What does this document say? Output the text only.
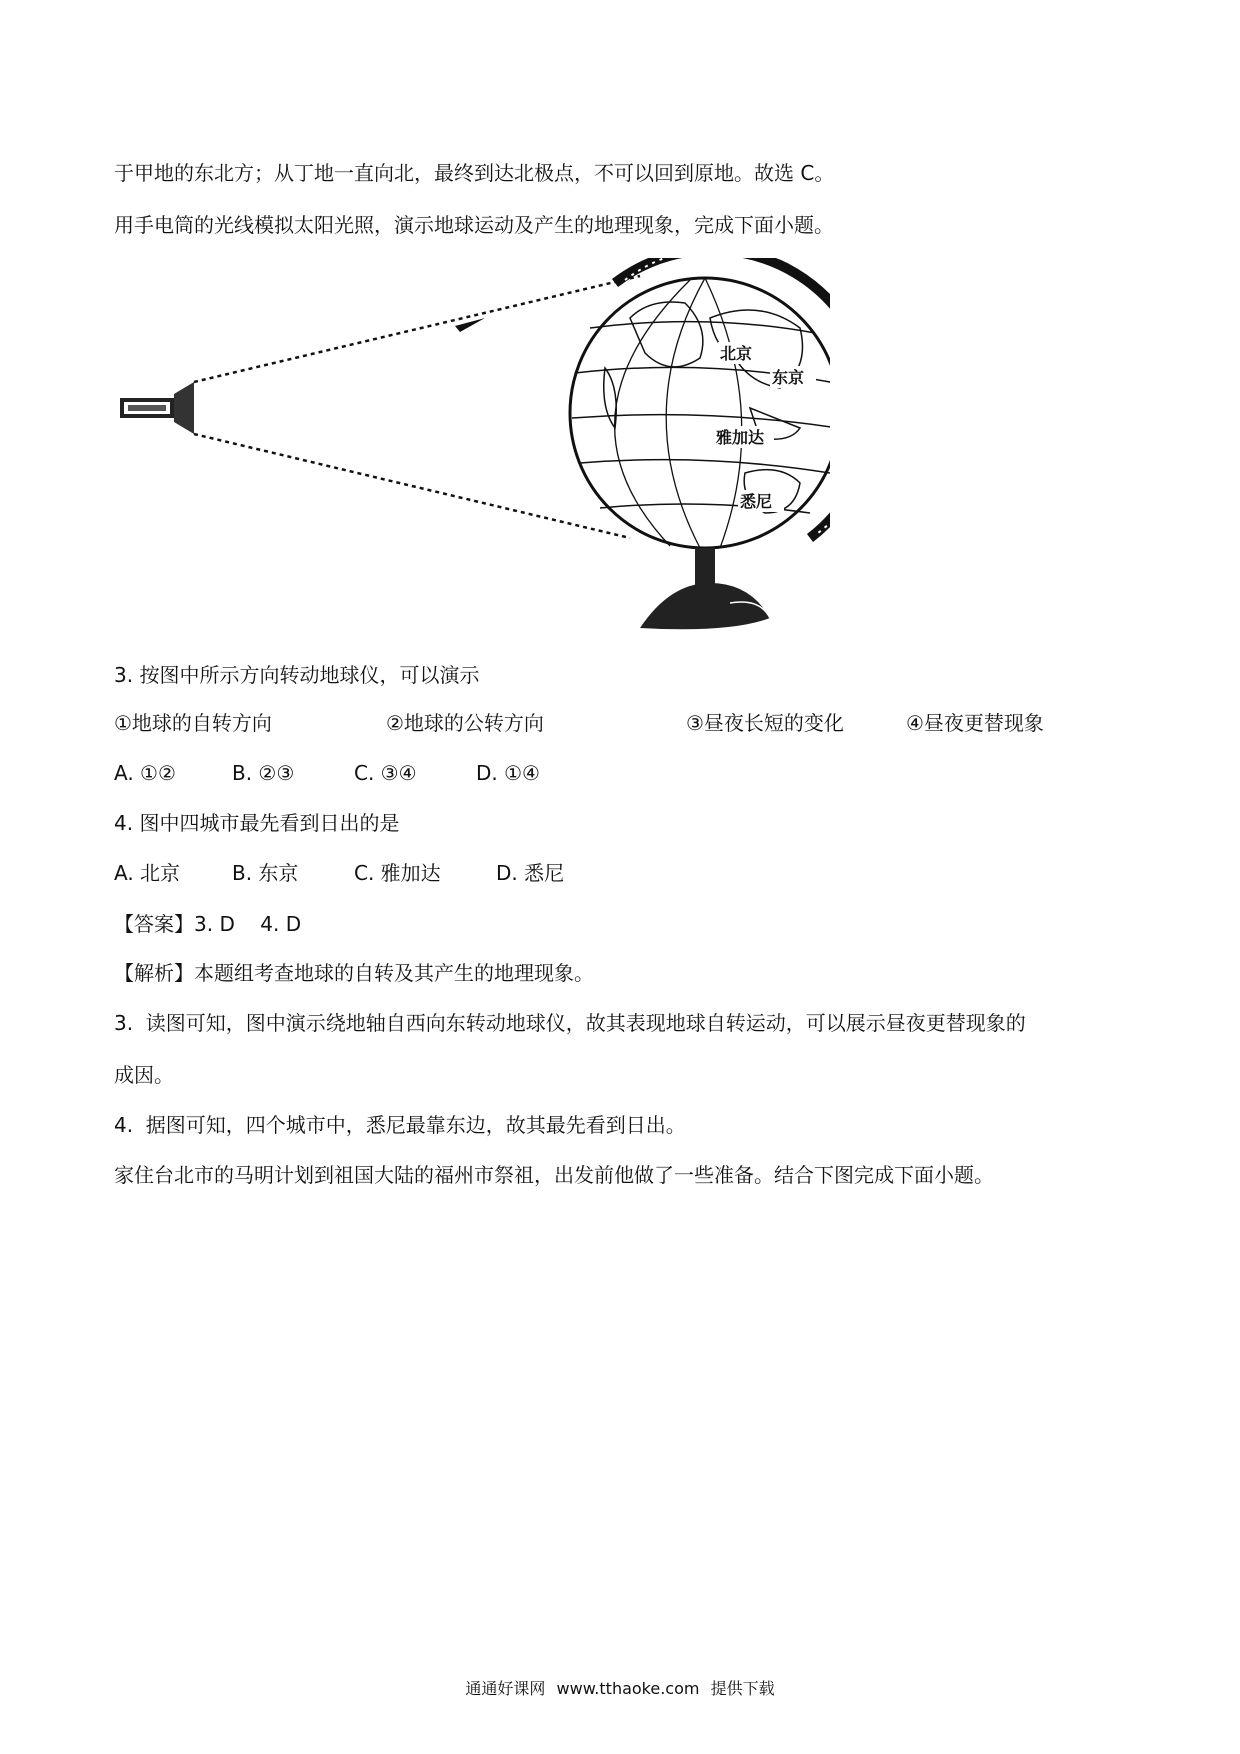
于甲地的东北方；从丁地一直向北，最终到达北极点，不可以回到原地。故选 C。

用手电筒的光线模拟太阳光照，演示地球运动及产生的地理现象，完成下面小题。

北京
东京
雅加达
悉尼

3. 按图中所示方向转动地球仪，可以演示

①地球的自转方向	②地球的公转方向	③昼夜长短的变化	④昼夜更替现象
A. ①②	B. ②③	C. ③④	D. ①④

4. 图中四城市最先看到日出的是

A. 北京	B. 东京	C. 雅加达	D. 悉尼

【答案】3. D    4. D

【解析】本题组考查地球的自转及其产生的地理现象。

3.  读图可知，图中演示绕地轴自西向东转动地球仪，故其表现地球自转运动，可以展示昼夜更替现象的

成因。

4.  据图可知，四个城市中，悉尼最靠东边，故其最先看到日出。

家住台北市的马明计划到祖国大陆的福州市祭祖，出发前他做了一些准备。结合下图完成下面小题。

通通好课网 www.tthaoke.com 提供下载
